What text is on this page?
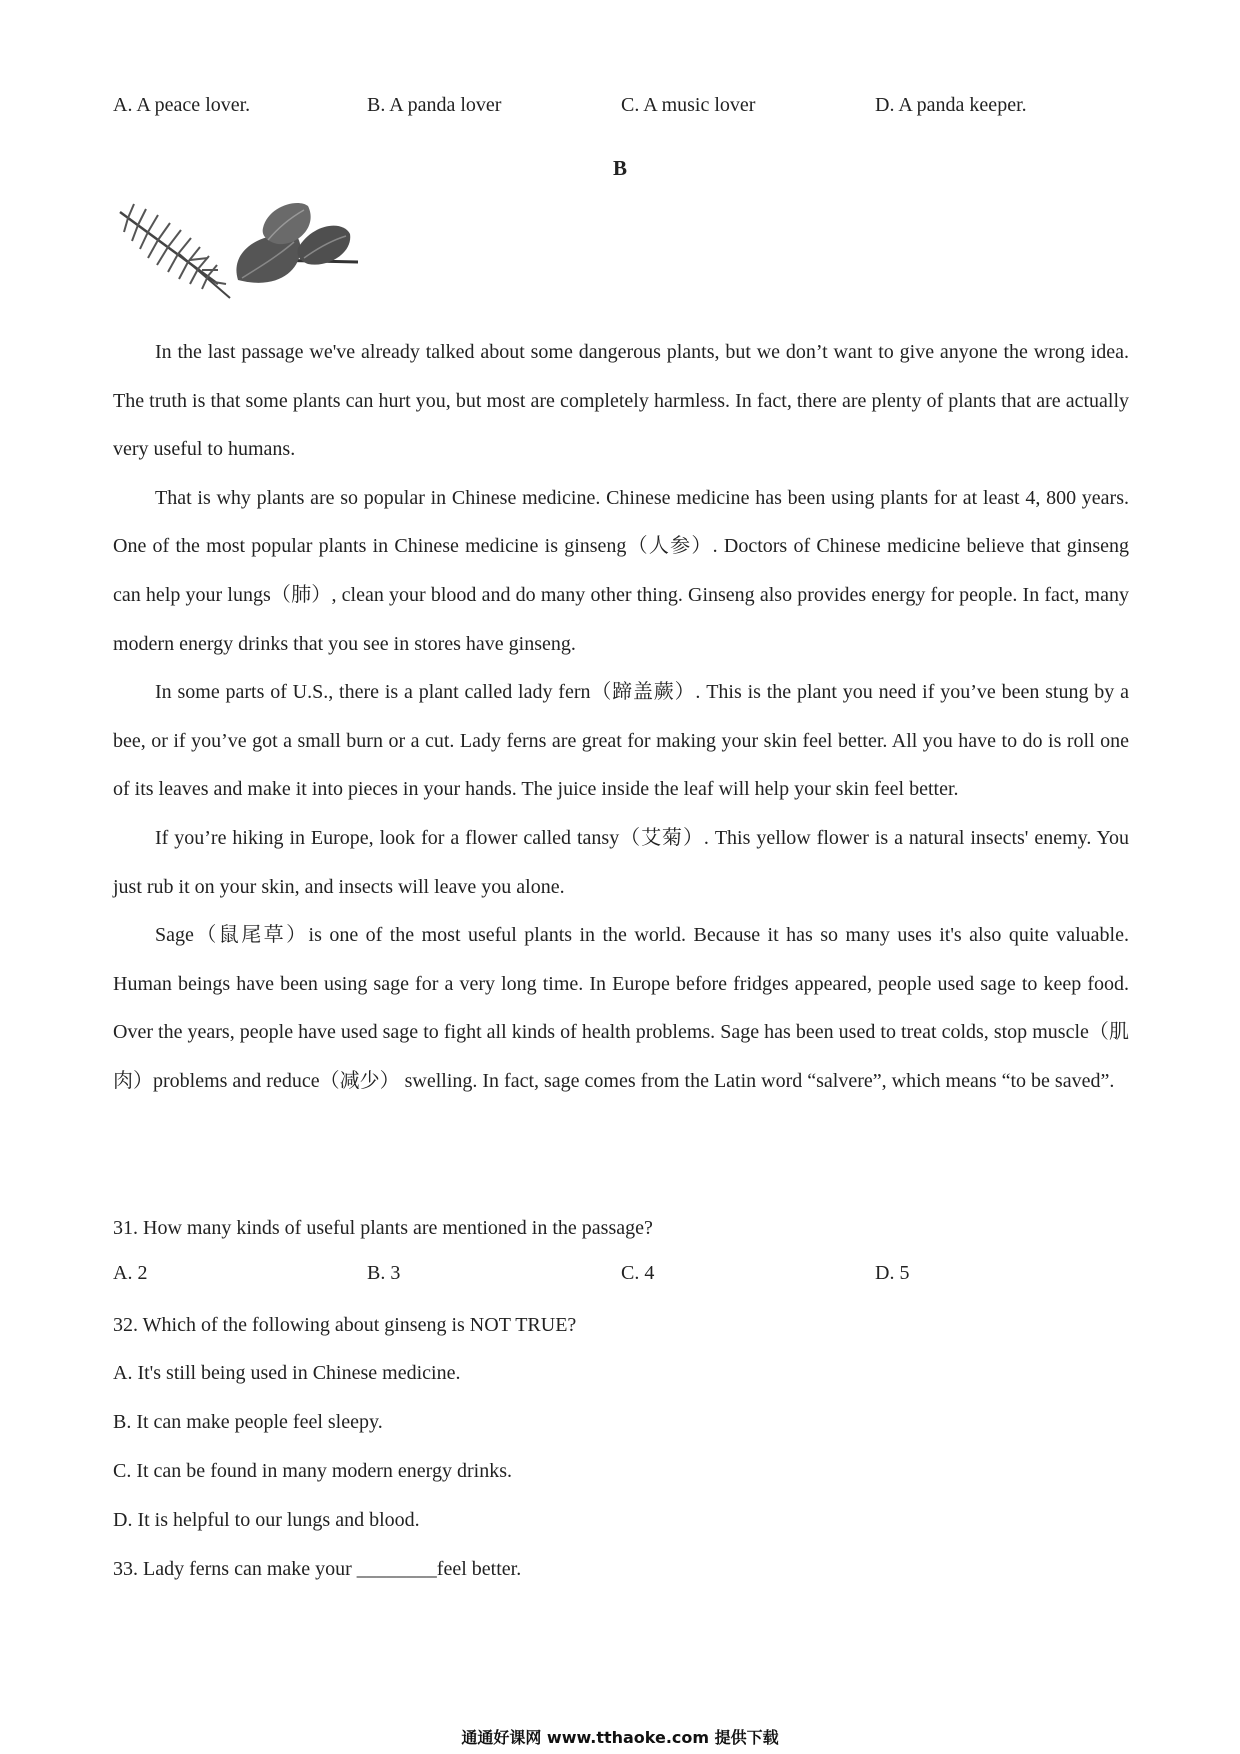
A. A peace lover.	B. A panda lover	C. A music lover	D. A panda keeper.
B

In the last passage we've already talked about some dangerous plants, but we don’t want to give anyone the wrong idea. The truth is that some plants can hurt you, but most are completely harmless. In fact, there are plenty of plants that are actually very useful to humans.

That is why plants are so popular in Chinese medicine. Chinese medicine has been using plants for at least 4, 800 years. One of the most popular plants in Chinese medicine is ginseng（人参）. Doctors of Chinese medicine believe that ginseng can help your lungs（肺）, clean your blood and do many other thing. Ginseng also provides energy for people. In fact, many modern energy drinks that you see in stores have ginseng.

In some parts of U.S., there is a plant called lady fern（蹄盖蕨）. This is the plant you need if you’ve been stung by a bee, or if you’ve got a small burn or a cut. Lady ferns are great for making your skin feel better. All you have to do is roll one of its leaves and make it into pieces in your hands. The juice inside the leaf will help your skin feel better.

If you’re hiking in Europe, look for a flower called tansy（艾菊）. This yellow flower is a natural insects' enemy. You just rub it on your skin, and insects will leave you alone.

Sage（鼠尾草）is one of the most useful plants in the world. Because it has so many uses it's also quite valuable. Human beings have been using sage for a very long time. In Europe before fridges appeared, people used sage to keep food. Over the years, people have used sage to fight all kinds of health problems. Sage has been used to treat colds, stop muscle（肌肉）problems and reduce（减少） swelling. In fact, sage comes from the Latin word “salvere”, which means “to be saved”.

31. How many kinds of useful plants are mentioned in the passage?
A. 2	B. 3	C. 4	D. 5
32. Which of the following about ginseng is NOT TRUE?
A. It's still being used in Chinese medicine.
B. It can make people feel sleepy.
C. It can be found in many modern energy drinks.
D. It is helpful to our lungs and blood.
33. Lady ferns can make your ________feel better.
通通好课网 www.tthaoke.com 提供下载
